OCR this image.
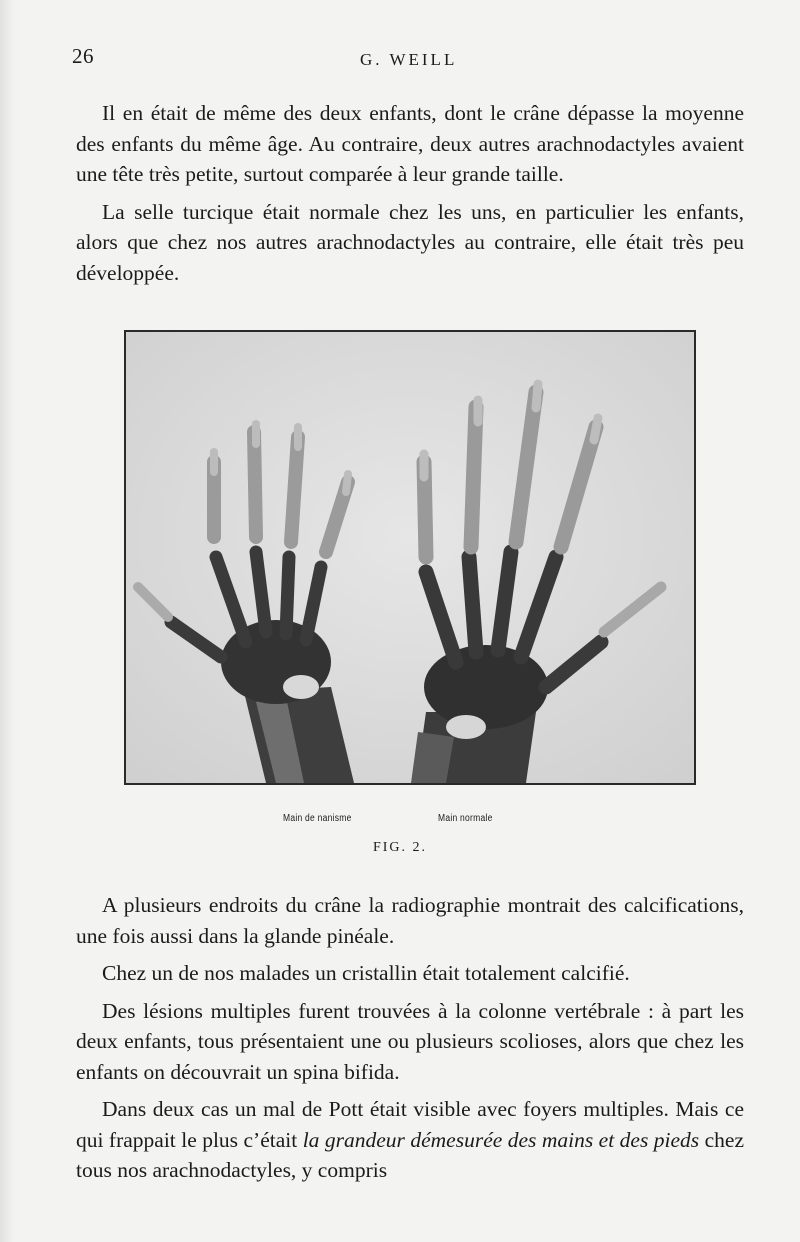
26	G. WEILL

Il en était de même des deux enfants, dont le crâne dépasse la moyenne des enfants du même âge. Au contraire, deux autres arachnodactyles avaient une tête très petite, surtout comparée à leur grande taille.

La selle turcique était normale chez les uns, en particulier les enfants, alors que chez nos autres arachnodactyles au contraire, elle était très peu développée.

Main de nanisme	Main normale
FIG. 2.

A plusieurs endroits du crâne la radiographie montrait des calcifications, une fois aussi dans la glande pinéale.

Chez un de nos malades un cristallin était totalement calcifié.

Des lésions multiples furent trouvées à la colonne vertébrale : à part les deux enfants, tous présentaient une ou plusieurs scolioses, alors que chez les enfants on découvrait un spina bifida.

Dans deux cas un mal de Pott était visible avec foyers multiples. Mais ce qui frappait le plus c’était la grandeur démesurée des mains et des pieds chez tous nos arachnodactyles, y compris
